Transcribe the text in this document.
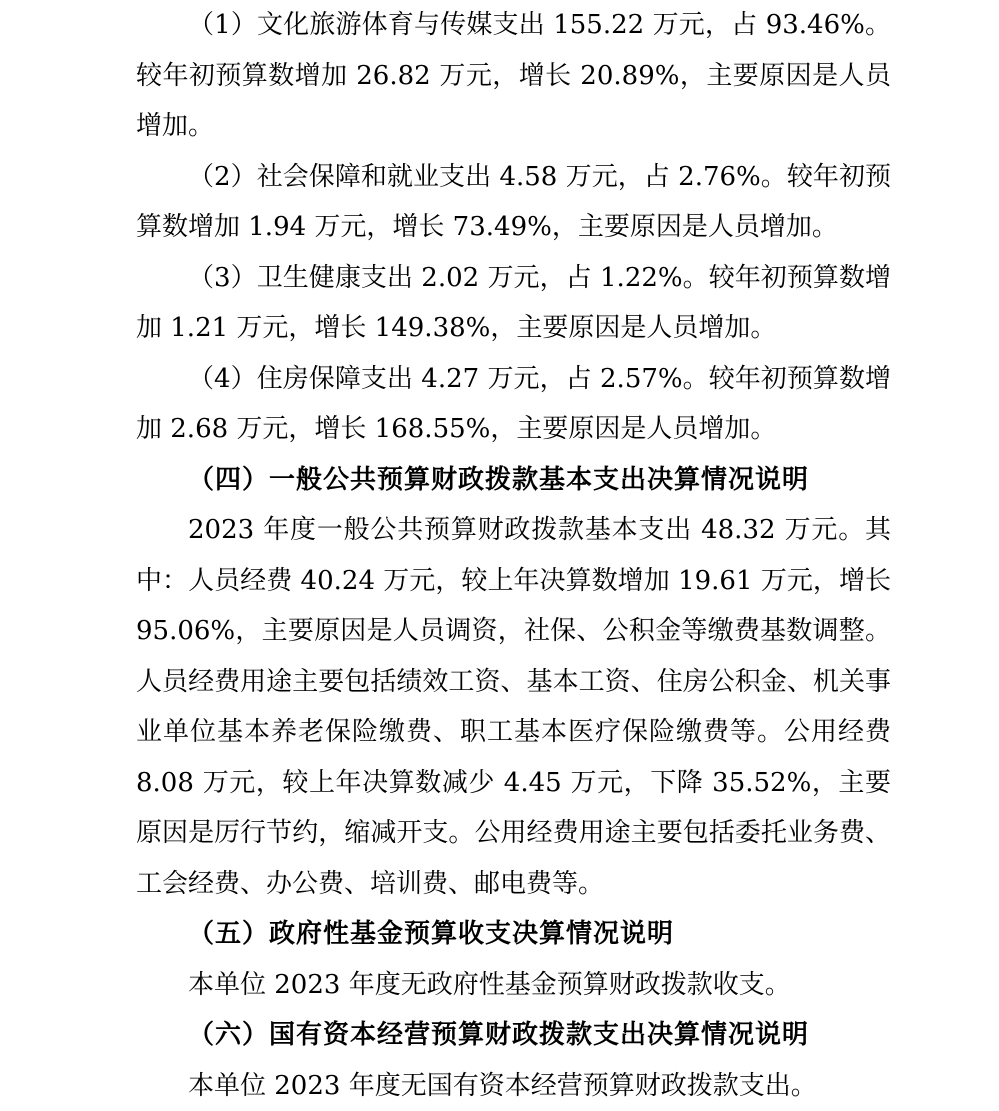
（1）文化旅游体育与传媒支出 155.22 万元，占 93.46%。较年初预算数增加 26.82 万元，增长 20.89%，主要原因是人员增加。

（2）社会保障和就业支出 4.58 万元，占 2.76%。较年初预算数增加 1.94 万元，增长 73.49%，主要原因是人员增加。

（3）卫生健康支出 2.02 万元，占 1.22%。较年初预算数增加 1.21 万元，增长 149.38%，主要原因是人员增加。

（4）住房保障支出 4.27 万元，占 2.57%。较年初预算数增加 2.68 万元，增长 168.55%，主要原因是人员增加。

（四）一般公共预算财政拨款基本支出决算情况说明

2023 年度一般公共预算财政拨款基本支出 48.32 万元。其中：人员经费 40.24 万元，较上年决算数增加 19.61 万元，增长 95.06%，主要原因是人员调资，社保、公积金等缴费基数调整。人员经费用途主要包括绩效工资、基本工资、住房公积金、机关事业单位基本养老保险缴费、职工基本医疗保险缴费等。公用经费 8.08 万元，较上年决算数减少 4.45 万元，下降 35.52%，主要原因是厉行节约，缩减开支。公用经费用途主要包括委托业务费、工会经费、办公费、培训费、邮电费等。

（五）政府性基金预算收支决算情况说明

本单位 2023 年度无政府性基金预算财政拨款收支。

（六）国有资本经营预算财政拨款支出决算情况说明

本单位 2023 年度无国有资本经营预算财政拨款支出。
